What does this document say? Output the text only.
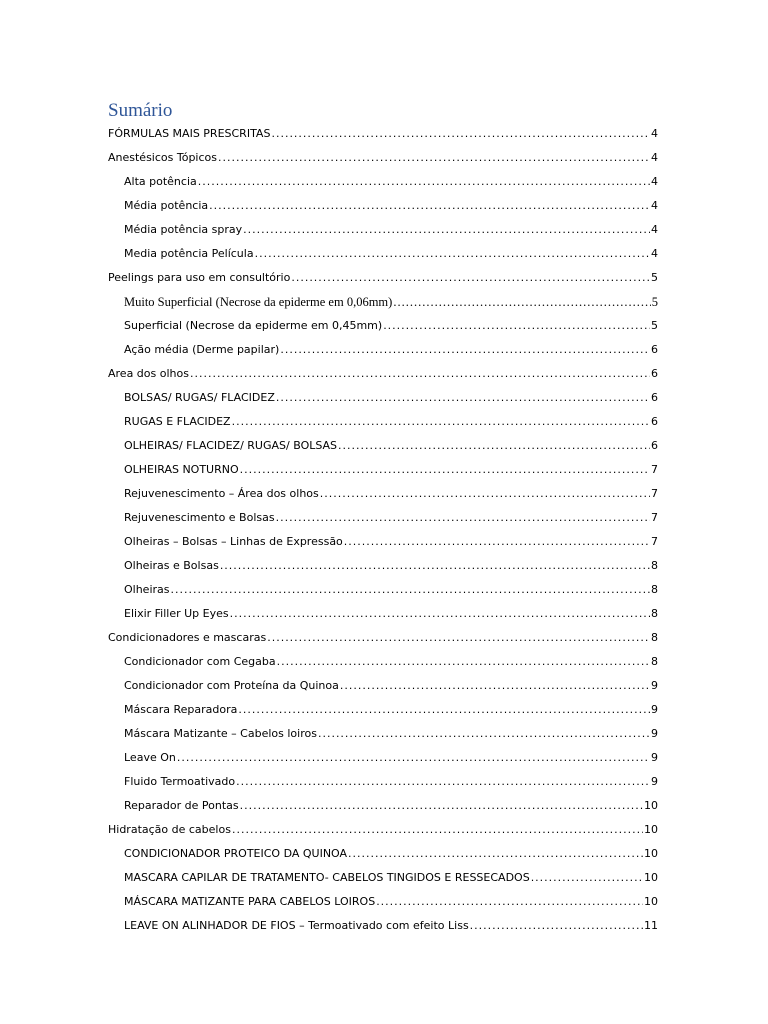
Sumário
FÓRMULAS MAIS PRESCRITAS .....	4
Anestésicos Tópicos .....	4
Alta potência .....	4
Média potência .....	4
Média potência spray .....	4
Media potência Película .....	4
Peelings para uso em consultório .....	5
Muito Superficial (Necrose da epiderme em 0,06mm) .....	5
Superficial (Necrose da epiderme em 0,45mm) .....	5
Ação média (Derme papilar) .....	6
Area dos olhos .....	6
BOLSAS/ RUGAS/ FLACIDEZ .....	6
RUGAS E FLACIDEZ .....	6
OLHEIRAS/ FLACIDEZ/ RUGAS/ BOLSAS .....	6
OLHEIRAS NOTURNO .....	7
Rejuvenescimento – Área dos olhos .....	7
Rejuvenescimento e Bolsas .....	7
Olheiras – Bolsas – Linhas de Expressão .....	7
Olheiras e Bolsas .....	8
Olheiras .....	8
Elixir Filler Up Eyes .....	8
Condicionadores e mascaras .....	8
Condicionador com Cegaba .....	8
Condicionador com Proteína da Quinoa .....	9
Máscara Reparadora .....	9
Máscara Matizante – Cabelos loiros .....	9
Leave On .....	9
Fluido Termoativado .....	9
Reparador de Pontas .....	10
Hidratação de cabelos .....	10
CONDICIONADOR PROTEICO DA QUINOA .....	10
MASCARA CAPILAR DE TRATAMENTO- CABELOS TINGIDOS E RESSECADOS .....	10
MÁSCARA MATIZANTE PARA CABELOS LOIROS .....	10
LEAVE ON ALINHADOR DE FIOS – Termoativado com efeito Liss .....	11
